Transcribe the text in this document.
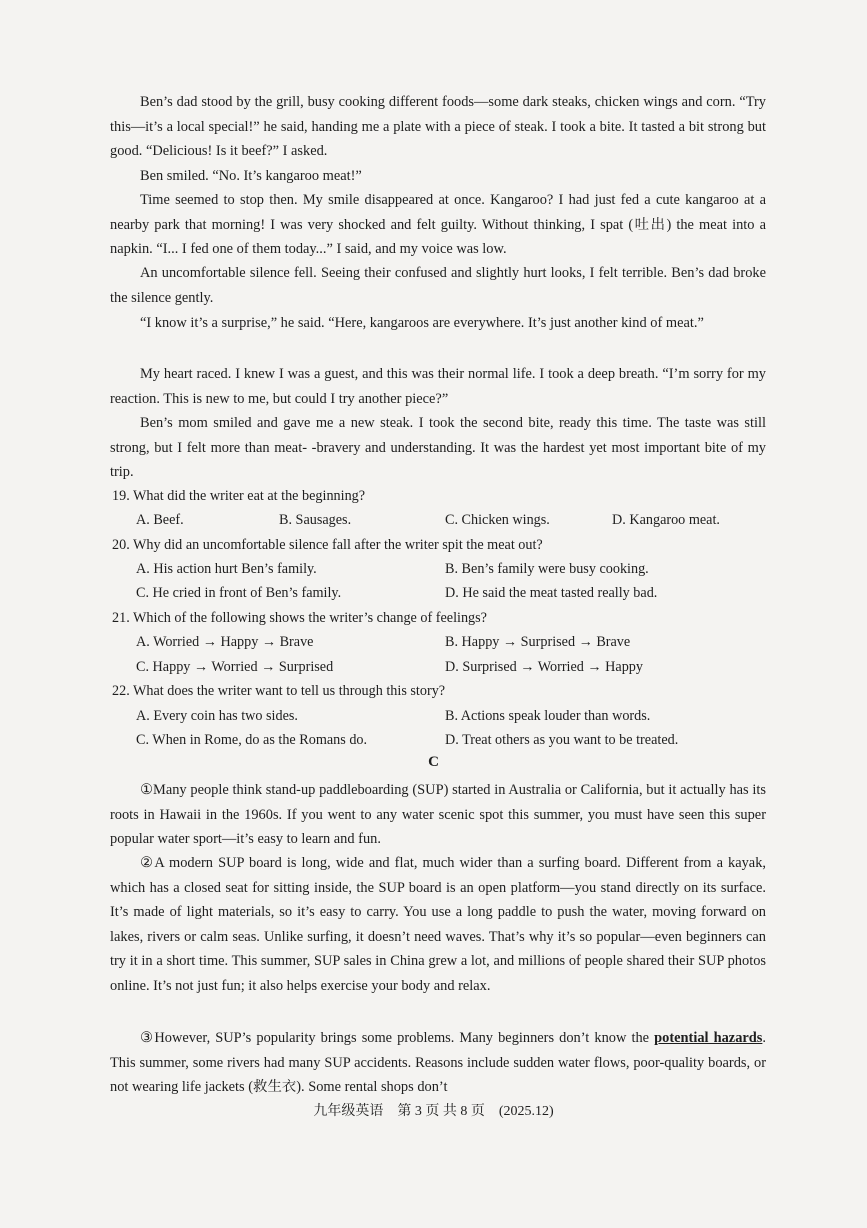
Ben’s dad stood by the grill, busy cooking different foods—some dark steaks, chicken wings and corn. “Try this—it’s a local special!” he said, handing me a plate with a piece of steak. I took a bite. It tasted a bit strong but good. “Delicious! Is it beef?” I asked.

Ben smiled. “No. It’s kangaroo meat!”

Time seemed to stop then. My smile disappeared at once. Kangaroo? I had just fed a cute kangaroo at a nearby park that morning! I was very shocked and felt guilty. Without thinking, I spat (吐出) the meat into a napkin. “I... I fed one of them today...” I said, and my voice was low.

An uncomfortable silence fell. Seeing their confused and slightly hurt looks, I felt terrible. Ben’s dad broke the silence gently.

“I know it’s a surprise,” he said. “Here, kangaroos are everywhere. It’s just another kind of meat.”

My heart raced. I knew I was a guest, and this was their normal life. I took a deep breath. “I’m sorry for my reaction. This is new to me, but could I try another piece?”

Ben’s mom smiled and gave me a new steak. I took the second bite, ready this time. The taste was still strong, but I felt more than meat- -bravery and understanding. It was the hardest yet most important bite of my trip.

19. What did the writer eat at the beginning?
A. Beef.	B. Sausages.	C. Chicken wings.	D. Kangaroo meat.
20. Why did an uncomfortable silence fall after the writer spit the meat out?
A. His action hurt Ben’s family.	B. Ben’s family were busy cooking.
C. He cried in front of Ben’s family.	D. He said the meat tasted really bad.
21. Which of the following shows the writer’s change of feelings?
A. Worried → Happy → Brave	B. Happy → Surprised → Brave
C. Happy → Worried → Surprised	D. Surprised → Worried → Happy
22. What does the writer want to tell us through this story?
A. Every coin has two sides.	B. Actions speak louder than words.
C. When in Rome, do as the Romans do.	D. Treat others as you want to be treated.
C

①Many people think stand-up paddleboarding (SUP) started in Australia or California, but it actually has its roots in Hawaii in the 1960s. If you went to any water scenic spot this summer, you must have seen this super popular water sport—it’s easy to learn and fun.

②A modern SUP board is long, wide and flat, much wider than a surfing board. Different from a kayak, which has a closed seat for sitting inside, the SUP board is an open platform—you stand directly on its surface. It’s made of light materials, so it’s easy to carry. You use a long paddle to push the water, moving forward on lakes, rivers or calm seas. Unlike surfing, it doesn’t need waves. That’s why it’s so popular—even beginners can try it in a short time. This summer, SUP sales in China grew a lot, and millions of people shared their SUP photos online. It’s not just fun; it also helps exercise your body and relax.

③However, SUP’s popularity brings some problems. Many beginners don’t know the potential hazards. This summer, some rivers had many SUP accidents. Reasons include sudden water flows, poor-quality boards, or not wearing life jackets (救生衣). Some rental shops don’t

九年级英语　第 3 页 共 8 页　(2025.12)
